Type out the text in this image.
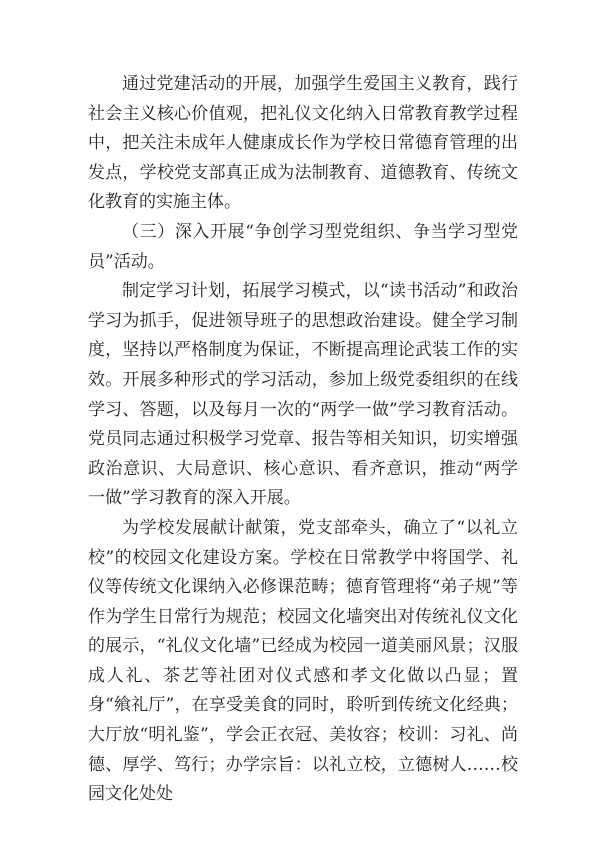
通过党建活动的开展，加强学生爱国主义教育，践行社会主义核心价值观，把礼仪文化纳入日常教育教学过程中，把关注未成年人健康成长作为学校日常德育管理的出发点，学校党支部真正成为法制教育、道德教育、传统文化教育的实施主体。

（三）深入开展“争创学习型党组织、争当学习型党员”活动。

制定学习计划，拓展学习模式，以“读书活动”和政治学习为抓手，促进领导班子的思想政治建设。健全学习制度，坚持以严格制度为保证，不断提高理论武装工作的实效。开展多种形式的学习活动，参加上级党委组织的在线学习、答题，以及每月一次的“两学一做”学习教育活动。党员同志通过积极学习党章、报告等相关知识，切实增强政治意识、大局意识、核心意识、看齐意识，推动“两学一做”学习教育的深入开展。

为学校发展献计献策，党支部牵头，确立了“以礼立校”的校园文化建设方案。学校在日常教学中将国学、礼仪等传统文化课纳入必修课范畴；德育管理将“弟子规”等作为学生日常行为规范；校园文化墙突出对传统礼仪文化的展示，“礼仪文化墙”已经成为校园一道美丽风景；汉服成人礼、茶艺等社团对仪式感和孝文化做以凸显；置身“飨礼厅”，在享受美食的同时，聆听到传统文化经典；大厅放“明礼鉴”，学会正衣冠、美妆容；校训：习礼、尚德、厚学、笃行；办学宗旨：以礼立校，立德树人……校园文化处处
